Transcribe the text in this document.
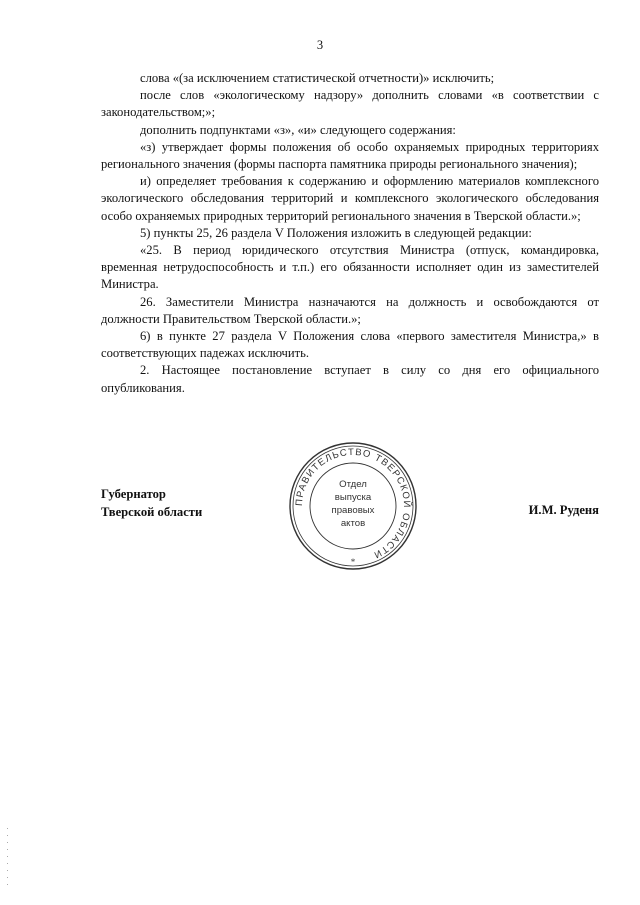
3

слова «(за исключением статистической отчетности)» исключить;

после слов «экологическому надзору» дополнить словами «в соответствии с законодательством;»;

дополнить подпунктами «з», «и» следующего содержания:

«з) утверждает формы положения об особо охраняемых природных территориях регионального значения (формы паспорта памятника природы регионального значения);

и) определяет требования к содержанию и оформлению материалов комплексного экологического обследования территорий и комплексного экологического обследования особо охраняемых природных территорий регионального значения в Тверской области.»;

5) пункты 25, 26 раздела V Положения изложить в следующей редакции:

«25. В период юридического отсутствия Министра (отпуск, командировка, временная нетрудоспособность и т.п.) его обязанности исполняет один из заместителей Министра.

26. Заместители Министра назначаются на должность и освобождаются от должности Правительством Тверской области.»;

6) в пункте 27 раздела V Положения слова «первого заместителя Министра,» в соответствующих падежах исключить.

2. Настоящее постановление вступает в силу со дня его официального опубликования.

Губернатор
Тверской области	И.М. Руденя
ПРАВИТЕЛЬСТВО ТВЕРСКОЙ ОБЛАСТИ
*
Отдел
выпуска
правовых
актов
